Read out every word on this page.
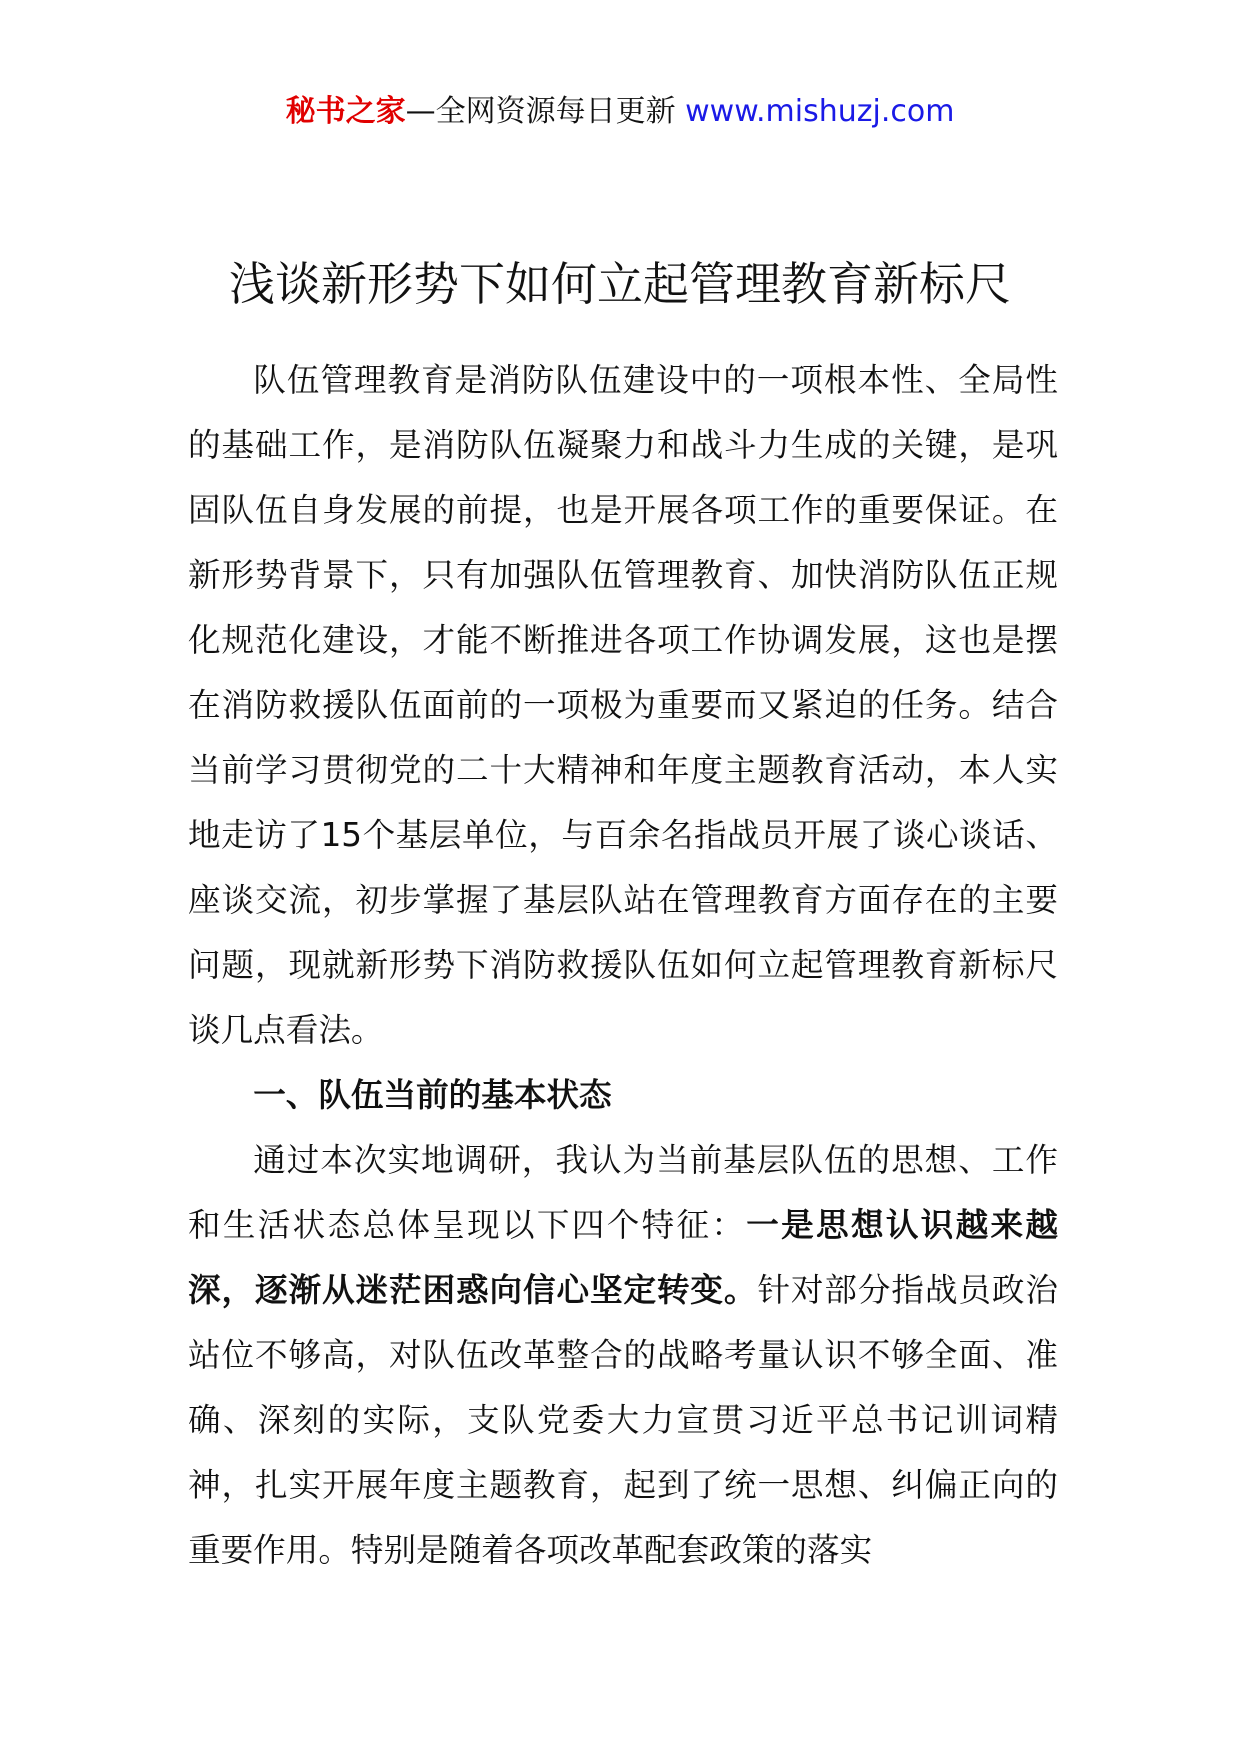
秘书之家—全网资源每日更新 www.mishuzj.com
浅谈新形势下如何立起管理教育新标尺

队伍管理教育是消防队伍建设中的一项根本性、全局性的基础工作，是消防队伍凝聚力和战斗力生成的关键，是巩固队伍自身发展的前提，也是开展各项工作的重要保证。在新形势背景下，只有加强队伍管理教育、加快消防队伍正规化规范化建设，才能不断推进各项工作协调发展，这也是摆在消防救援队伍面前的一项极为重要而又紧迫的任务。结合当前学习贯彻党的二十大精神和年度主题教育活动，本人实地走访了15个基层单位，与百余名指战员开展了谈心谈话、座谈交流，初步掌握了基层队站在管理教育方面存在的主要问题，现就新形势下消防救援队伍如何立起管理教育新标尺谈几点看法。

一、队伍当前的基本状态

通过本次实地调研，我认为当前基层队伍的思想、工作和生活状态总体呈现以下四个特征：一是思想认识越来越深，逐渐从迷茫困惑向信心坚定转变。针对部分指战员政治站位不够高，对队伍改革整合的战略考量认识不够全面、准确、深刻的实际，支队党委大力宣贯习近平总书记训词精神，扎实开展年度主题教育，起到了统一思想、纠偏正向的重要作用。特别是随着各项改革配套政策的落实
